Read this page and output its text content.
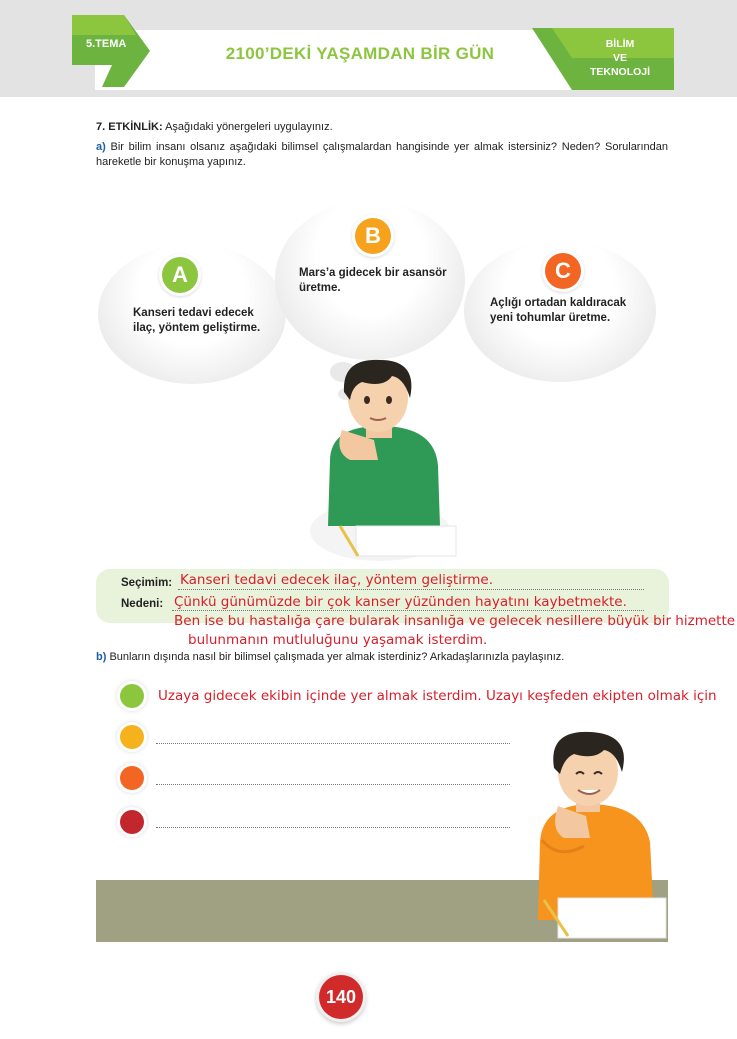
5.TEMA	2100’DEKİ YAŞAMDAN BİR GÜN	BİLİM
VE
TEKNOLOJİ
7. ETKİNLİK: Aşağıdaki yönergeleri uygulayınız.
a) Bir bilim insanı olsanız aşağıdaki bilimsel çalışmalardan hangisinde yer almak istersiniz? Neden? Sorularından hareketle bir konuşma yapınız.
A
B
C
Kanseri tedavi edecek ilaç, yöntem geliştirme.
Mars’a gidecek bir asansör üretme.
Açlığı ortadan kaldıracak yeni tohumlar üretme.
Seçimim: Kanseri tedavi edecek ilaç, yöntem geliştirme.
Nedeni: Çünkü günümüzde bir çok kanser yüzünden hayatını kaybetmekte.
Ben ise bu hastalığa çare bularak insanlığa ve gelecek nesillere büyük bir hizmette
bulunmanın mutluluğunu yaşamak isterdim.
b) Bunların dışında nasıl bir bilimsel çalışmada yer almak isterdiniz? Arkadaşlarınızla paylaşınız.
Uzaya gidecek ekibin içinde yer almak isterdim. Uzayı keşfeden ekipten olmak için
140
